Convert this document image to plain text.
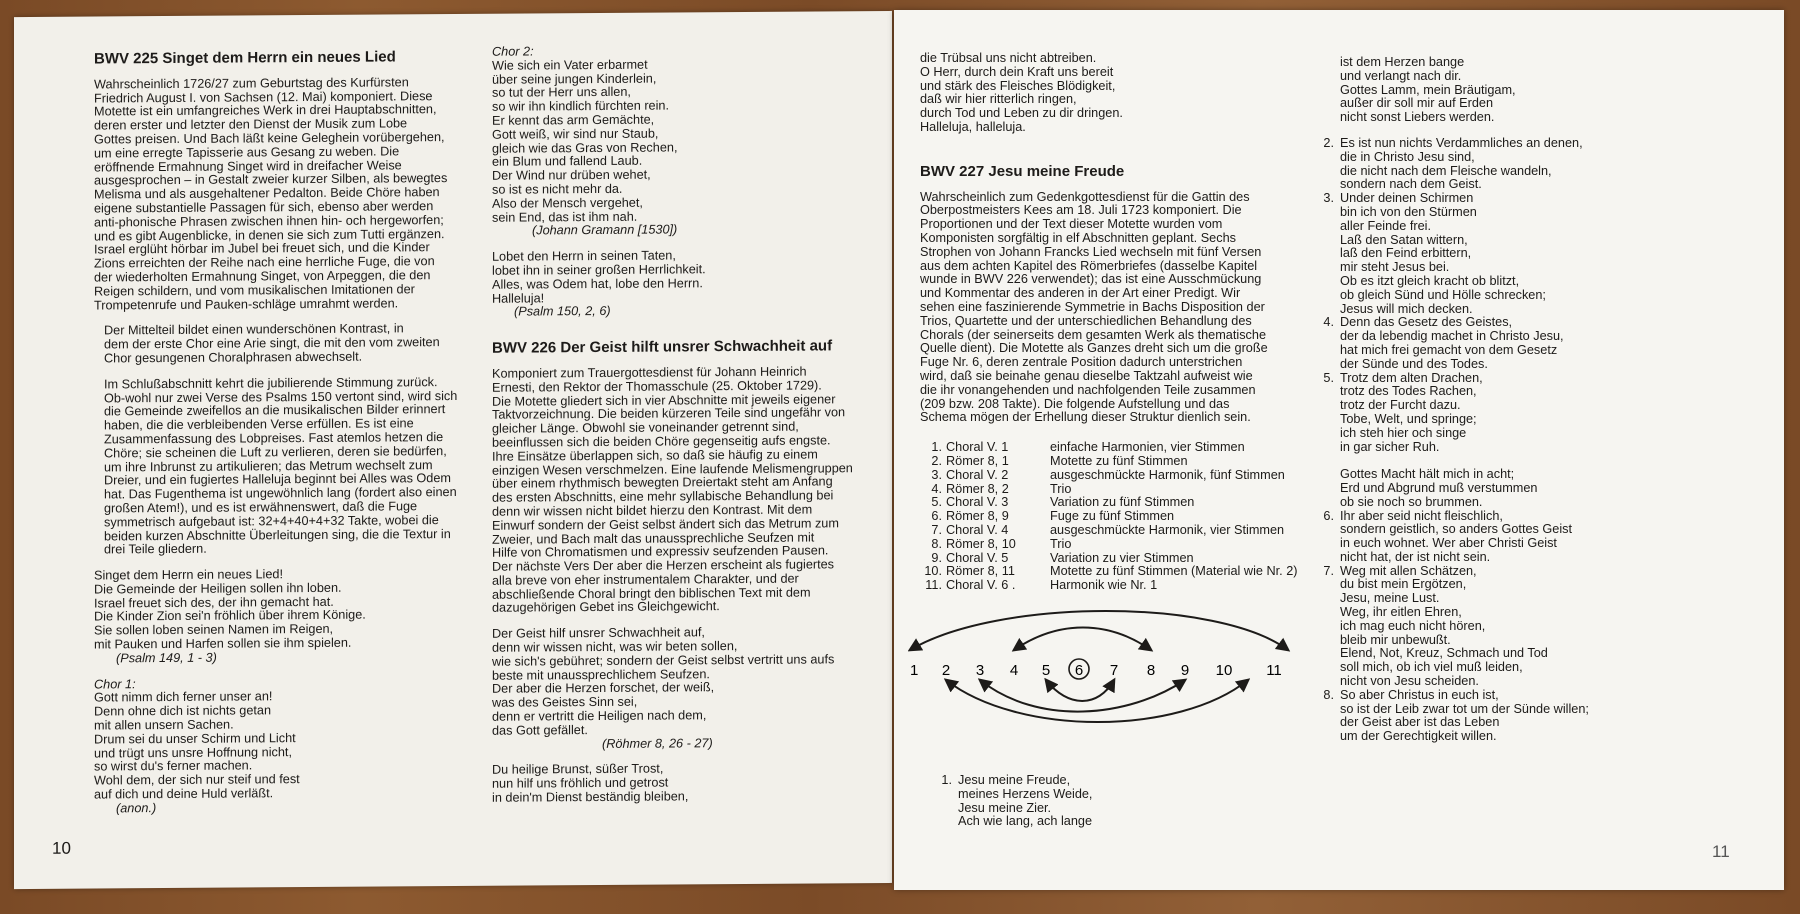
BWV 225 Singet dem Herrn ein neues Lied
Wahrscheinlich 1726/27 zum Geburtstag des Kurfürsten
Friedrich August I. von Sachsen (12. Mai) komponiert. Diese
Motette ist ein umfangreiches Werk in drei Hauptabschnitten,
deren erster und letzter den Dienst der Musik zum Lobe
Gottes preisen. Und Bach läßt keine Geleghein vorübergehen,
um eine erregte Tapisserie aus Gesang zu weben. Die
eröffnende Ermahnung Singet wird in dreifacher Weise
ausgesprochen – in Gestalt zweier kurzer Silben, als bewegtes
Melisma und als ausgehaltener Pedalton. Beide Chöre haben
eigene substantielle Passagen für sich, ebenso aber werden
anti-phonische Phrasen zwischen ihnen hin- och hergeworfen;
und es gibt Augenblicke, in denen sie sich zum Tutti ergänzen.
Israel erglüht hörbar im Jubel bei freuet sich, und die Kinder
Zions erreichten der Reihe nach eine herrliche Fuge, die von
der wiederholten Ermahnung Singet, von Arpeggen, die den
Reigen schildern, und vom musikalischen Imitationen der
Trompetenrufe und Pauken-schläge umrahmt werden.
Der Mittelteil bildet einen wunderschönen Kontrast, in
dem der erste Chor eine Arie singt, die mit den vom zweiten
Chor gesungenen Choralphrasen abwechselt.
Im Schlußabschnitt kehrt die jubilierende Stimmung zurück.
Ob-wohl nur zwei Verse des Psalms 150 vertont sind, wird sich
die Gemeinde zweifellos an die musikalischen Bilder erinnert
haben, die die verbleibenden Verse erfüllen. Es ist eine
Zusammenfassung des Lobpreises. Fast atemlos hetzen die
Chöre; sie scheinen die Luft zu verlieren, deren sie bedürfen,
um ihre Inbrunst zu artikulieren; das Metrum wechselt zum
Dreier, und ein fugiertes Halleluja beginnt bei Alles was Odem
hat. Das Fugenthema ist ungewöhnlich lang (fordert also einen
großen Atem!), und es ist erwähnenswert, daß die Fuge
symmetrisch aufgebaut ist: 32+4+40+4+32 Takte, wobei die
beiden kurzen Abschnitte Überleitungen sing, die die Textur in
drei Teile gliedern.
Singet dem Herrn ein neues Lied!
Die Gemeinde der Heiligen sollen ihn loben.
Israel freuet sich des, der ihn gemacht hat.
Die Kinder Zion sei'n fröhlich über ihrem Könige.
Sie sollen loben seinen Namen im Reigen,
mit Pauken und Harfen sollen sie ihm spielen.
(Psalm 149, 1 - 3)
Chor 1:
Gott nimm dich ferner unser an!
Denn ohne dich ist nichts getan
mit allen unsern Sachen.
Drum sei du unser Schirm und Licht
und trügt uns unsre Hoffnung nicht,
so wirst du's ferner machen.
Wohl dem, der sich nur steif und fest
auf dich und deine Huld verläßt.
(anon.)
Chor 2:
Wie sich ein Vater erbarmet
über seine jungen Kinderlein,
so tut der Herr uns allen,
so wir ihn kindlich fürchten rein.
Er kennt das arm Gemächte,
Gott weiß, wir sind nur Staub,
gleich wie das Gras von Rechen,
ein Blum und fallend Laub.
Der Wind nur drüben wehet,
so ist es nicht mehr da.
Also der Mensch vergehet,
sein End, das ist ihm nah.
(Johann Gramann [1530])
Lobet den Herrn in seinen Taten,
lobet ihn in seiner großen Herrlichkeit.
Alles, was Odem hat, lobe den Herrn.
Halleluja!
(Psalm 150, 2, 6)
BWV 226 Der Geist hilft unsrer Schwachheit auf
Komponiert zum Trauergottesdienst für Johann Heinrich
Ernesti, den Rektor der Thomasschule (25. Oktober 1729).
Die Motette gliedert sich in vier Abschnitte mit jeweils eigener
Taktvorzeichnung. Die beiden kürzeren Teile sind ungefähr von
gleicher Länge. Obwohl sie voneinander getrennt sind,
beeinflussen sich die beiden Chöre gegenseitig aufs engste.
Ihre Einsätze überlappen sich, so daß sie häufig zu einem
einzigen Wesen verschmelzen. Eine laufende Melismengruppen
über einem rhythmisch bewegten Dreiertakt steht am Anfang
des ersten Abschnitts, eine mehr syllabische Behandlung bei
denn wir wissen nicht bildet hierzu den Kontrast. Mit dem
Einwurf sondern der Geist selbst ändert sich das Metrum zum
Zweier, und Bach malt das unaussprechliche Seufzen mit
Hilfe von Chromatismen und expressiv seufzenden Pausen.
Der nächste Vers Der aber die Herzen erscheint als fugiertes
alla breve von eher instrumentalem Charakter, und der
abschließende Choral bringt den biblischen Text mit dem
dazugehörigen Gebet ins Gleichgewicht.
Der Geist hilf unsrer Schwachheit auf,
denn wir wissen nicht, was wir beten sollen,
wie sich's gebühret; sondern der Geist selbst vertritt uns aufs
beste mit unaussprechlichem Seufzen.
Der aber die Herzen forschet, der weiß,
was des Geistes Sinn sei,
denn er vertritt die Heiligen nach dem,
das Gott gefället.
(Röhmer 8, 26 - 27)
Du heilige Brunst, süßer Trost,
nun hilf uns fröhlich und getrost
in dein'm Dienst beständig bleiben,
10
die Trübsal uns nicht abtreiben.
O Herr, durch dein Kraft uns bereit
und stärk des Fleisches Blödigkeit,
daß wir hier ritterlich ringen,
durch Tod und Leben zu dir dringen.
Halleluja, halleluja.
BWV 227 Jesu meine Freude
Wahrscheinlich zum Gedenkgottesdienst für die Gattin des
Oberpostmeisters Kees am 18. Juli 1723 komponiert. Die
Proportionen und der Text dieser Motette wurden vom
Komponisten sorgfältig in elf Abschnitten geplant. Sechs
Strophen von Johann Francks Lied wechseln mit fünf Versen
aus dem achten Kapitel des Römerbriefes (dasselbe Kapitel
wunde in BWV 226 verwendet); das ist eine Ausschmückung
und Kommentar des anderen in der Art einer Predigt. Wir
sehen eine faszinierende Symmetrie in Bachs Disposition der
Trios, Quartette und der unterschiedlichen Behandlung des
Chorals (der seinerseits dem gesamten Werk als thematische
Quelle dient). Die Motette als Ganzes dreht sich um die große
Fuge Nr. 6, deren zentrale Position dadurch unterstrichen
wird, daß sie beinahe genau dieselbe Taktzahl aufweist wie
die ihr vonangehenden und nachfolgenden Teile zusammen
(209 bzw. 208 Takte). Die folgende Aufstellung und das
Schema mögen der Erhellung dieser Struktur dienlich sein.
1. Choral V. 1	einfache Harmonien, vier Stimmen
2. Römer 8, 1	Motette zu fünf Stimmen
3. Choral V. 2	ausgeschmückte Harmonik, fünf Stimmen
4. Römer 8, 2	Trio
5. Choral V. 3	Variation zu fünf Stimmen
6. Römer 8, 9	Fuge zu fünf Stimmen
7. Choral V. 4	ausgeschmückte Harmonik, vier Stimmen
8. Römer 8, 10	Trio
9. Choral V. 5	Variation zu vier Stimmen
10. Römer 8, 11	Motette zu fünf Stimmen (Material wie Nr. 2)
11. Choral V. 6 .	Harmonik wie Nr. 1
1 2 3 4 5 6 7 8 9 10 11
1. Jesu meine Freude,
meines Herzens Weide,
Jesu meine Zier.
Ach wie lang, ach lange
ist dem Herzen bange
und verlangt nach dir.
Gottes Lamm, mein Bräutigam,
außer dir soll mir auf Erden
nicht sonst Liebers werden.
2. Es ist nun nichts Verdammliches an denen,
die in Christo Jesu sind,
die nicht nach dem Fleische wandeln,
sondern nach dem Geist.
3. Under deinen Schirmen
bin ich von den Stürmen
aller Feinde frei.
Laß den Satan wittern,
laß den Feind erbittern,
mir steht Jesus bei.
Ob es itzt gleich kracht ob blitzt,
ob gleich Sünd und Hölle schrecken;
Jesus will mich decken.
4. Denn das Gesetz des Geistes,
der da lebendig machet in Christo Jesu,
hat mich frei gemacht von dem Gesetz
der Sünde und des Todes.
5. Trotz dem alten Drachen,
trotz des Todes Rachen,
trotz der Furcht dazu.
Tobe, Welt, und springe;
ich steh hier och singe
in gar sicher Ruh.

Gottes Macht hält mich in acht;
Erd und Abgrund muß verstummen
ob sie noch so brummen.
6. Ihr aber seid nicht fleischlich,
sondern geistlich, so anders Gottes Geist
in euch wohnet. Wer aber Christi Geist
nicht hat, der ist nicht sein.
7. Weg mit allen Schätzen,
du bist mein Ergötzen,
Jesu, meine Lust.
Weg, ihr eitlen Ehren,
ich mag euch nicht hören,
bleib mir unbewußt.
Elend, Not, Kreuz, Schmach und Tod
soll mich, ob ich viel muß leiden,
nicht von Jesu scheiden.
8. So aber Christus in euch ist,
so ist der Leib zwar tot um der Sünde willen;
der Geist aber ist das Leben
um der Gerechtigkeit willen.
11
